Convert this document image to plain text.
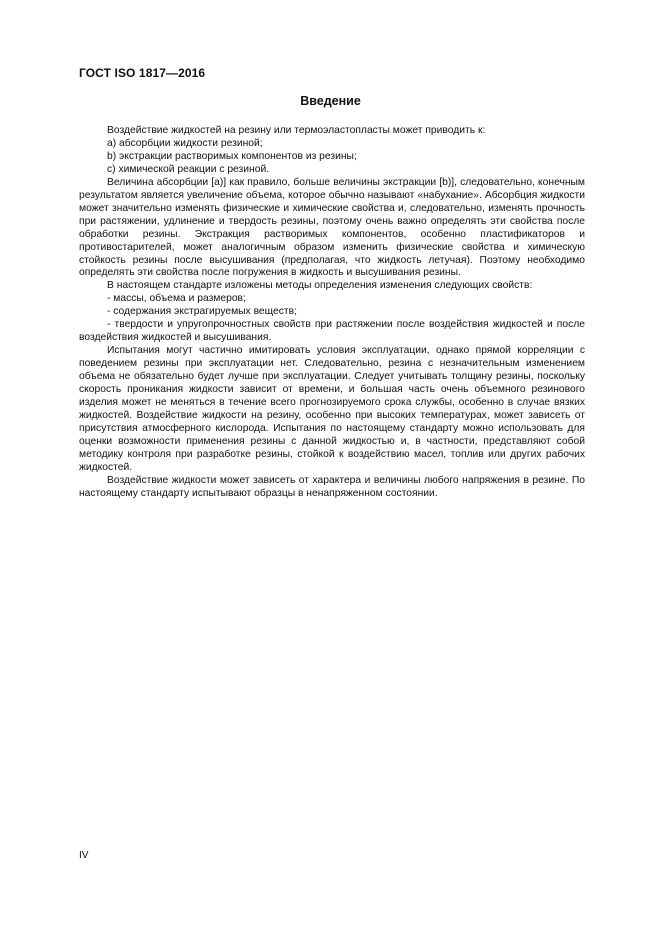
ГОСТ ISO 1817—2016
Введение

Воздействие жидкостей на резину или термоэластопласты может приводить к:

a) абсорбции жидкости резиной;

b) экстракции растворимых компонентов из резины;

c) химической реакции с резиной.

Величина абсорбции [a)] как правило, больше величины экстракции [b)], следовательно, конечным результатом является увеличение объема, которое обычно называют «набухание». Абсорбция жидкости может значительно изменять физические и химические свойства и, следовательно, изменять прочность при растяжении, удлинение и твердость резины, поэтому очень важно определять эти свойства после обработки резины. Экстракция растворимых компонентов, особенно пластификаторов и противостарителей, может аналогичным образом изменить физические свойства и химическую стойкость резины после высушивания (предполагая, что жидкость летучая). Поэтому необходимо определять эти свойства после погружения в жидкость и высушивания резины.

В настоящем стандарте изложены методы определения изменения следующих свойств:

- массы, объема и размеров;

- содержания экстрагируемых веществ;

- твердости и упругопрочностных свойств при растяжении после воздействия жидкостей и после воздействия жидкостей и высушивания.

Испытания могут частично имитировать условия эксплуатации, однако прямой корреляции с поведением резины при эксплуатации нет. Следовательно, резина с незначительным изменением объема не обязательно будет лучше при эксплуатации. Следует учитывать толщину резины, поскольку скорость проникания жидкости зависит от времени, и большая часть очень объемного резинового изделия может не меняться в течение всего прогнозируемого срока службы, особенно в случае вязких жидкостей. Воздействие жидкости на резину, особенно при высоких температурах, может зависеть от присутствия атмосферного кислорода. Испытания по настоящему стандарту можно использовать для оценки возможности применения резины с данной жидкостью и, в частности, представляют собой методику контроля при разработке резины, стойкой к воздействию масел, топлив или других рабочих жидкостей.

Воздействие жидкости может зависеть от характера и величины любого напряжения в резине. По настоящему стандарту испытывают образцы в ненапряженном состоянии.

IV
